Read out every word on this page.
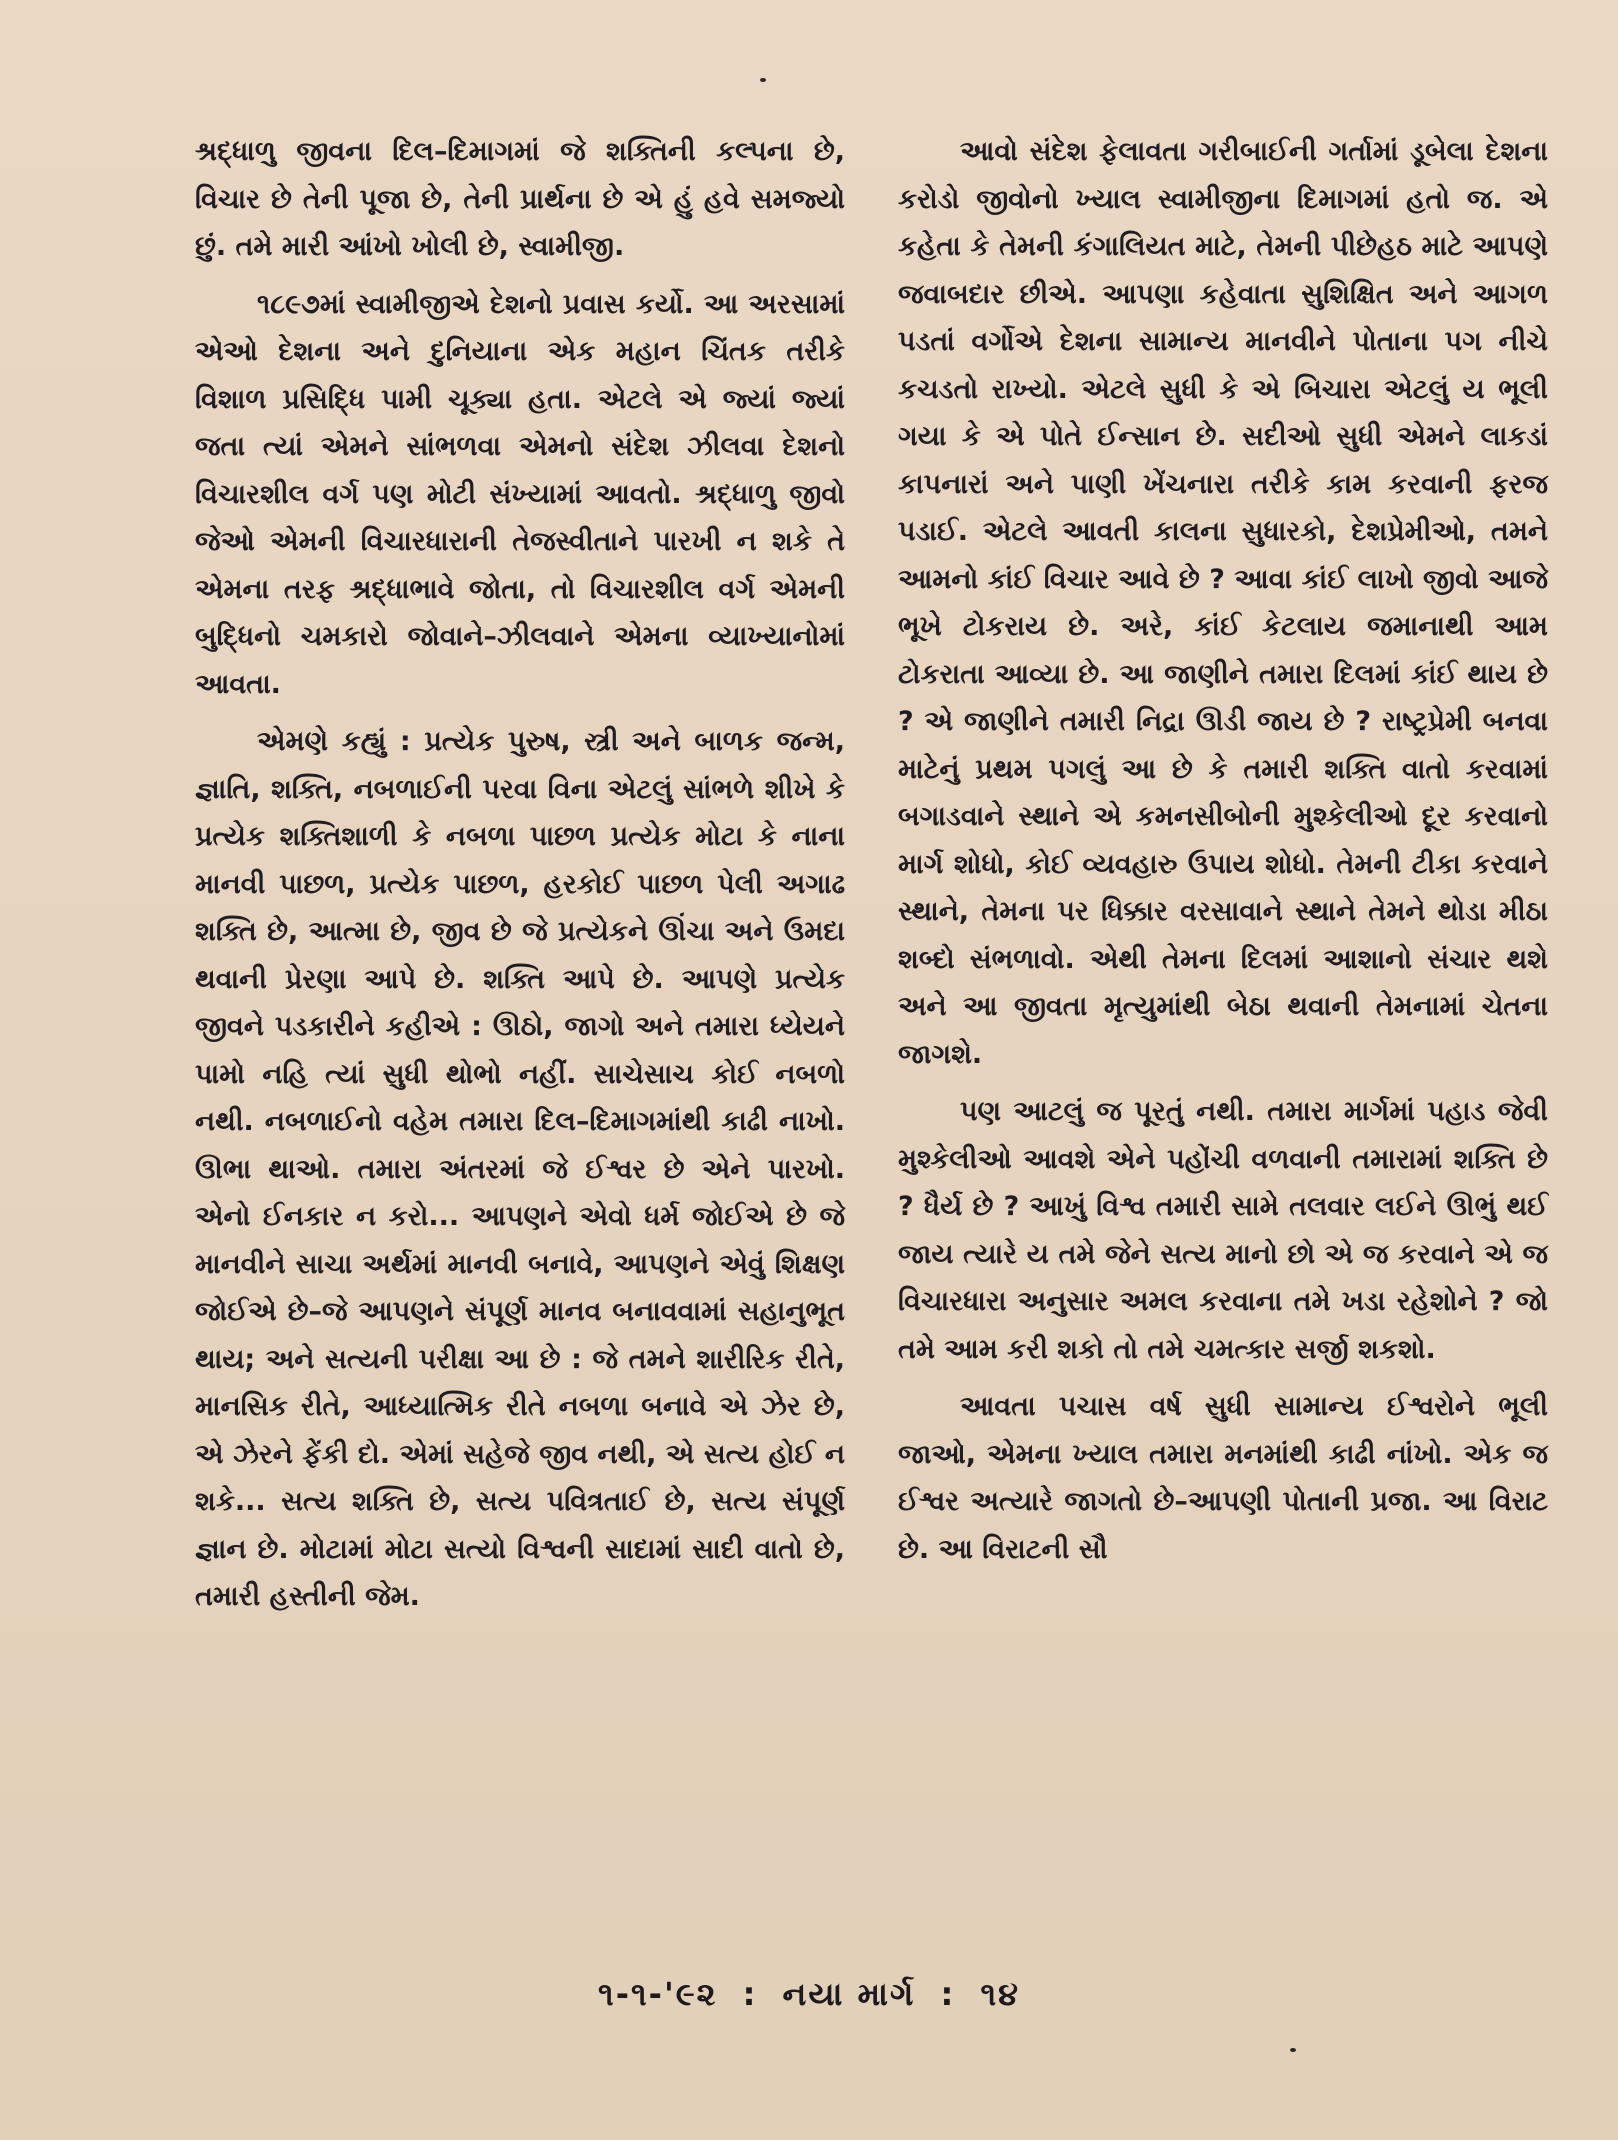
શ્રદ્ધાળુ જીવના દિલ–દિમાગમાં જે શક્તિની કલ્પના છે, વિચાર છે તેની પૂજા છે, તેની પ્રાર્થના છે એ હું હવે સમજ્યો છું. તમે મારી આંખો ખોલી છે, સ્વામીજી.

૧૮૯૭માં સ્વામીજીએ દેશનો પ્રવાસ કર્યો. આ અરસામાં એઓ દેશના અને દુનિયાના એક મહાન ચિંતક તરીકે વિશાળ પ્રસિદ્ધિ પામી ચૂક્યા હતા. એટલે એ જ્યાં જ્યાં જતા ત્યાં એમને સાંભળવા એમનો સંદેશ ઝીલવા દેશનો વિચારશીલ વર્ગ પણ મોટી સંખ્યામાં આવતો. શ્રદ્ધાળુ જીવો જેઓ એમની વિચારધારાની તેજસ્વીતાને પારખી ન શકે તે એમના તરફ શ્રદ્ધાભાવે જોતા, તો વિચારશીલ વર્ગ એમની બુદ્ધિનો ચમકારો જોવાને–ઝીલવાને એમના વ્યાખ્યાનોમાં આવતા.

એમણે કહ્યું : પ્રત્યેક પુરુષ, સ્ત્રી અને બાળક જન્મ, જ્ઞાતિ, શક્તિ, નબળાઈની પરવા વિના એટલું સાંભળે શીખે કે પ્રત્યેક શક્તિશાળી કે નબળા પાછળ પ્રત્યેક મોટા કે નાના માનવી પાછળ, પ્રત્યેક પાછળ, હરકોઈ પાછળ પેલી અગાઢ શક્તિ છે, આત્મા છે, જીવ છે જે પ્રત્યેકને ઊંચા અને ઉમદા થવાની પ્રેરણા આપે છે. શક્તિ આપે છે. આપણે પ્રત્યેક જીવને પડકારીને કહીએ : ઊઠો, જાગો અને તમારા ધ્યેયને પામો નહિ ત્યાં સુધી થોભો નહીં. સાચેસાચ કોઈ નબળો નથી. નબળાઈનો વહેમ તમારા દિલ–દિમાગમાંથી કાઢી નાખો. ઊભા થાઓ. તમારા અંતરમાં જે ઈશ્વર છે એને પારખો. એનો ઈનકાર ન કરો... આપણને એવો ધર્મ જોઈએ છે જે માનવીને સાચા અર્થમાં માનવી બનાવે, આપણને એવું શિક્ષણ જોઈએ છે–જે આપણને સંપૂર્ણ માનવ બનાવવામાં સહાનુભૂત થાય; અને સત્યની પરીક્ષા આ છે : જે તમને શારીરિક રીતે, માનસિક રીતે, આધ્યાત્મિક રીતે નબળા બનાવે એ ઝેર છે, એ ઝેરને ફેંકી દો. એમાં સહેજે જીવ નથી, એ સત્ય હોઈ ન શકે... સત્ય શક્તિ છે, સત્ય પવિત્રતાઈ છે, સત્ય સંપૂર્ણ જ્ઞાન છે. મોટામાં મોટા સત્યો વિશ્વની સાદામાં સાદી વાતો છે, તમારી હસ્તીની જેમ.

આવો સંદેશ ફેલાવતા ગરીબાઈની ગર્તામાં ડૂબેલા દેશના કરોડો જીવોનો ખ્યાલ સ્વામીજીના દિમાગમાં હતો જ. એ કહેતા કે તેમની કંગાલિયત માટે, તેમની પીછેહઠ માટે આપણે જવાબદાર છીએ. આપણા કહેવાતા સુશિક્ષિત અને આગળ પડતાં વર્ગોએ દેશના સામાન્ય માનવીને પોતાના પગ નીચે કચડતો રાખ્યો. એટલે સુધી કે એ બિચારા એટલું ય ભૂલી ગયા કે એ પોતે ઈન્સાન છે. સદીઓ સુધી એમને લાકડાં કાપનારાં અને પાણી ખેંચનારા તરીકે કામ કરવાની ફરજ પડાઈ. એટલે આવતી કાલના સુધારકો, દેશપ્રેમીઓ, તમને આમનો કાંઈ વિચાર આવે છે ? આવા કાંઈ લાખો જીવો આજે ભૂખે ટોકરાય છે. અરે, કાંઈ કેટલાય જમાનાથી આમ ટોકરાતા આવ્યા છે. આ જાણીને તમારા દિલમાં કાંઈ થાય છે ? એ જાણીને તમારી નિદ્રા ઊડી જાય છે ? રાષ્ટ્રપ્રેમી બનવા માટેનું પ્રથમ પગલું આ છે કે તમારી શક્તિ વાતો કરવામાં બગાડવાને સ્થાને એ કમનસીબોની મુશ્કેલીઓ દૂર કરવાનો માર્ગ શોધો, કોઈ વ્યવહારુ ઉપાય શોધો. તેમની ટીકા કરવાને સ્થાને, તેમના પર ધિક્કાર વરસાવાને સ્થાને તેમને થોડા મીઠા શબ્દો સંભળાવો. એથી તેમના દિલમાં આશાનો સંચાર થશે અને આ જીવતા મૃત્યુમાંથી બેઠા થવાની તેમનામાં ચેતના જાગશે.

પણ આટલું જ પૂરતું નથી. તમારા માર્ગમાં પહાડ જેવી મુશ્કેલીઓ આવશે એને પહોંચી વળવાની તમારામાં શક્તિ છે ? ધૈર્ય છે ? આખું વિશ્વ તમારી સામે તલવાર લઈને ઊભું થઈ જાય ત્યારે ય તમે જેને સત્ય માનો છો એ જ કરવાને એ જ વિચારધારા અનુસાર અમલ કરવાના તમે ખડા રહેશોને ? જો તમે આમ કરી શકો તો તમે ચમત્કાર સર્જી શકશો.

આવતા પચાસ વર્ષ સુધી સામાન્ય ઈશ્વરોને ભૂલી જાઓ, એમના ખ્યાલ તમારા મનમાંથી કાઢી નાંખો. એક જ ઈશ્વર અત્યારે જાગતો છે–આપણી પોતાની પ્રજા. આ વિરાટ છે. આ વિરાટની સૌ

૧-૧-'૯૨ : નયા માર્ગ : ૧૪
